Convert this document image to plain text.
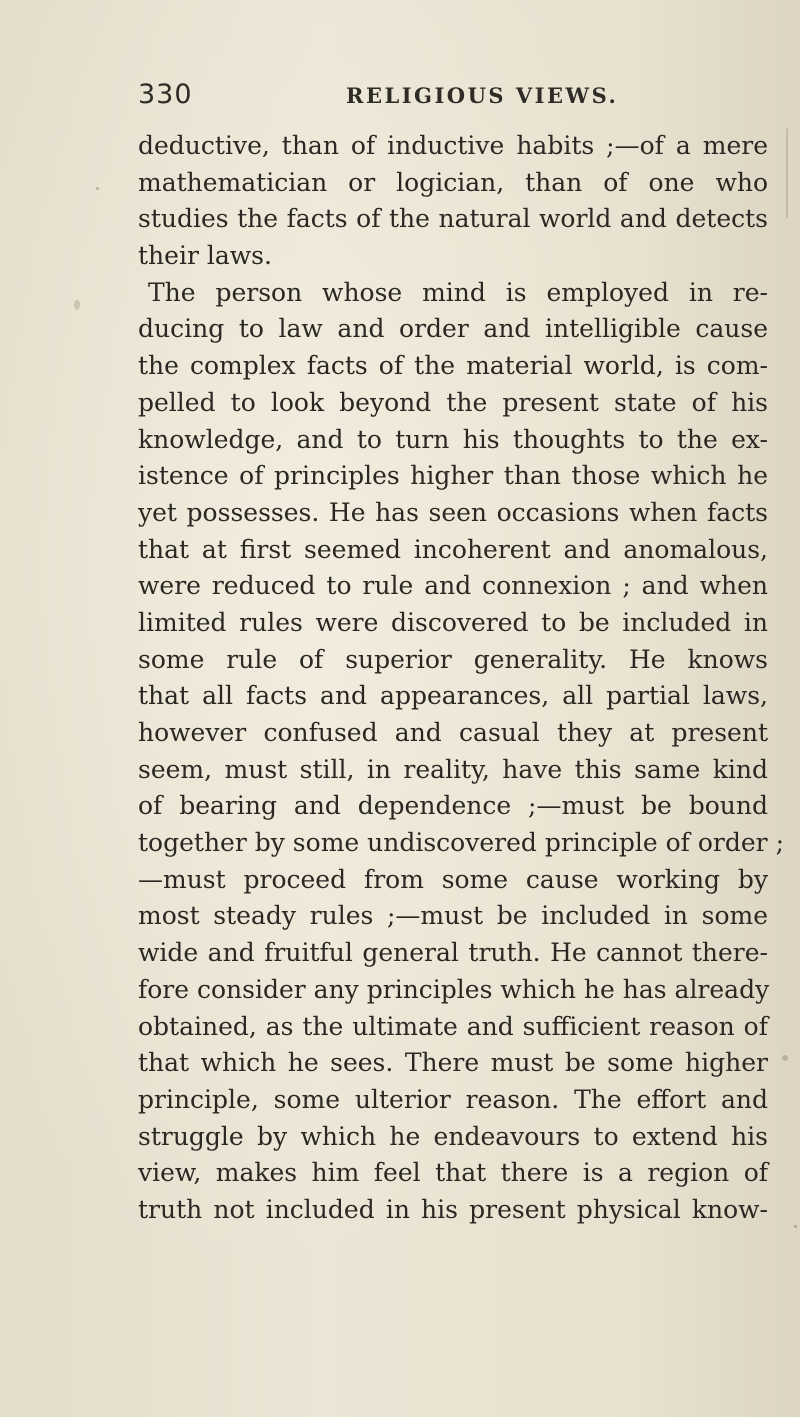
330	RELIGIOUS VIEWS.
deductive, than of inductive habits ;—of a mere
mathematician or logician, than of one who
studies the facts of the natural world and detects
their laws.
The person whose mind is employed in re-
ducing to law and order and intelligible cause
the complex facts of the material world, is com-
pelled to look beyond the present state of his
knowledge, and to turn his thoughts to the ex-
istence of principles higher than those which he
yet possesses. He has seen occasions when facts
that at first seemed incoherent and anomalous,
were reduced to rule and connexion ; and when
limited rules were discovered to be included in
some rule of superior generality. He knows
that all facts and appearances, all partial laws,
however confused and casual they at present
seem, must still, in reality, have this same kind
of bearing and dependence ;—must be bound
together by some undiscovered principle of order ;
—must proceed from some cause working by
most steady rules ;—must be included in some
wide and fruitful general truth. He cannot there-
fore consider any principles which he has already
obtained, as the ultimate and sufficient reason of
that which he sees. There must be some higher
principle, some ulterior reason. The effort and
struggle by which he endeavours to extend his
view, makes him feel that there is a region of
truth not included in his present physical know-
